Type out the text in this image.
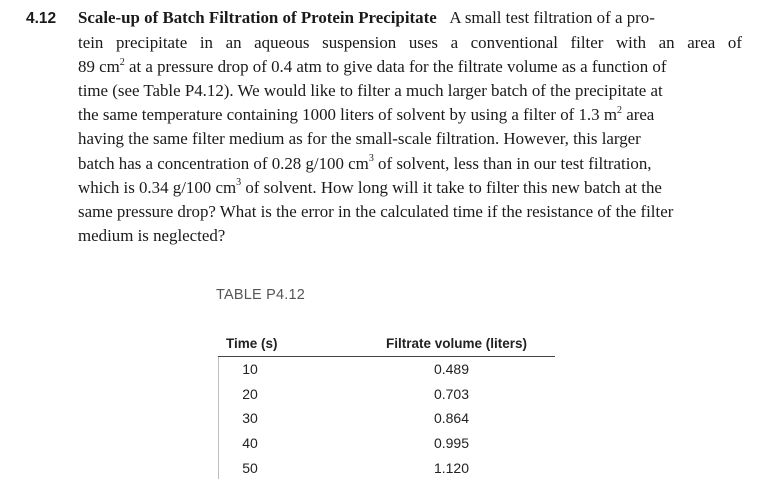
4.12 Scale-up of Batch Filtration of Protein Precipitate A small test filtration of a pro-
tein precipitate in an aqueous suspension uses a conventional filter with an area of
89 $cm^2$ at a pressure drop of 0.4 atm to give data for the filtrate volume as a function of
time (see Table P4.12). We would like to filter a much larger batch of the precipitate at
the same temperature containing 1000 liters of solvent by using a filter of 1.3 $m^2$ area
having the same filter medium as for the small-scale filtration. However, this larger
batch has a concentration of 0.28 g/100 $cm^3$ of solvent, less than in our test filtration,
which is 0.34 g/100 $cm^3$ of solvent. How long will it take to filter this new batch at the
same pressure drop? What is the error in the calculated time if the resistance of the filter
medium is neglected?
TABLE P4.12
Time (s)	Filtrate volume (liters)
10	0.489
20	0.703
30	0.864
40	0.995
50	1.120
